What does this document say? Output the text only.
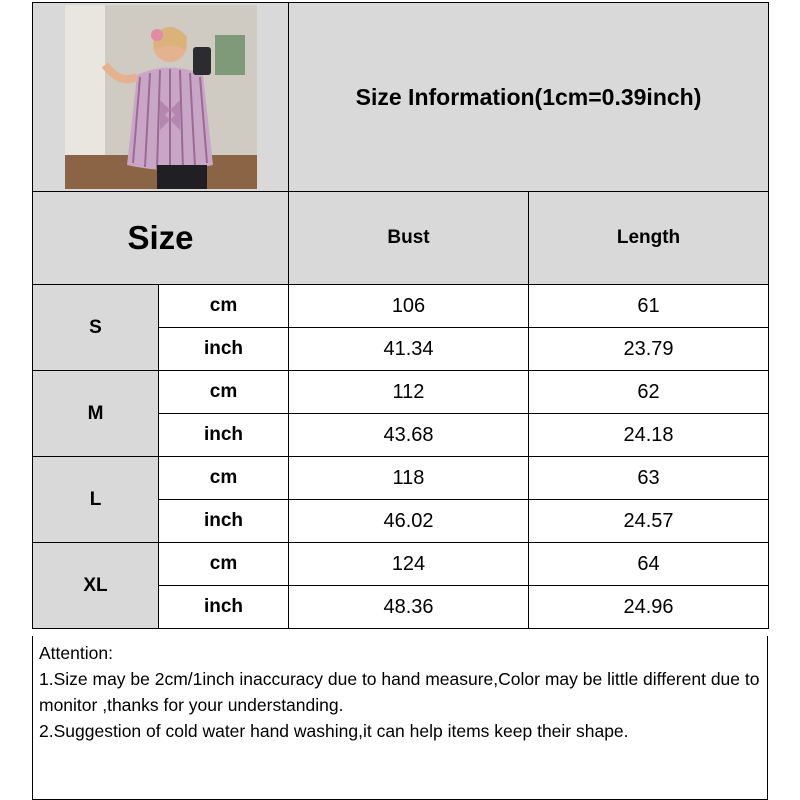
	Size Information(1cm=0.39inch)	
Size		Bust	Length
S	cm	106	61
	inch	41.34	23.79
M	cm	112	62
	inch	43.68	24.18
L	cm	118	63
	inch	46.02	24.57
XL	cm	124	64
	inch	48.36	24.96

Attention:

1.Size may be 2cm/1inch inaccuracy due to hand measure,Color may be little different due to monitor ,thanks for your understanding.

2.Suggestion of cold water hand washing,it can help items keep their shape.
